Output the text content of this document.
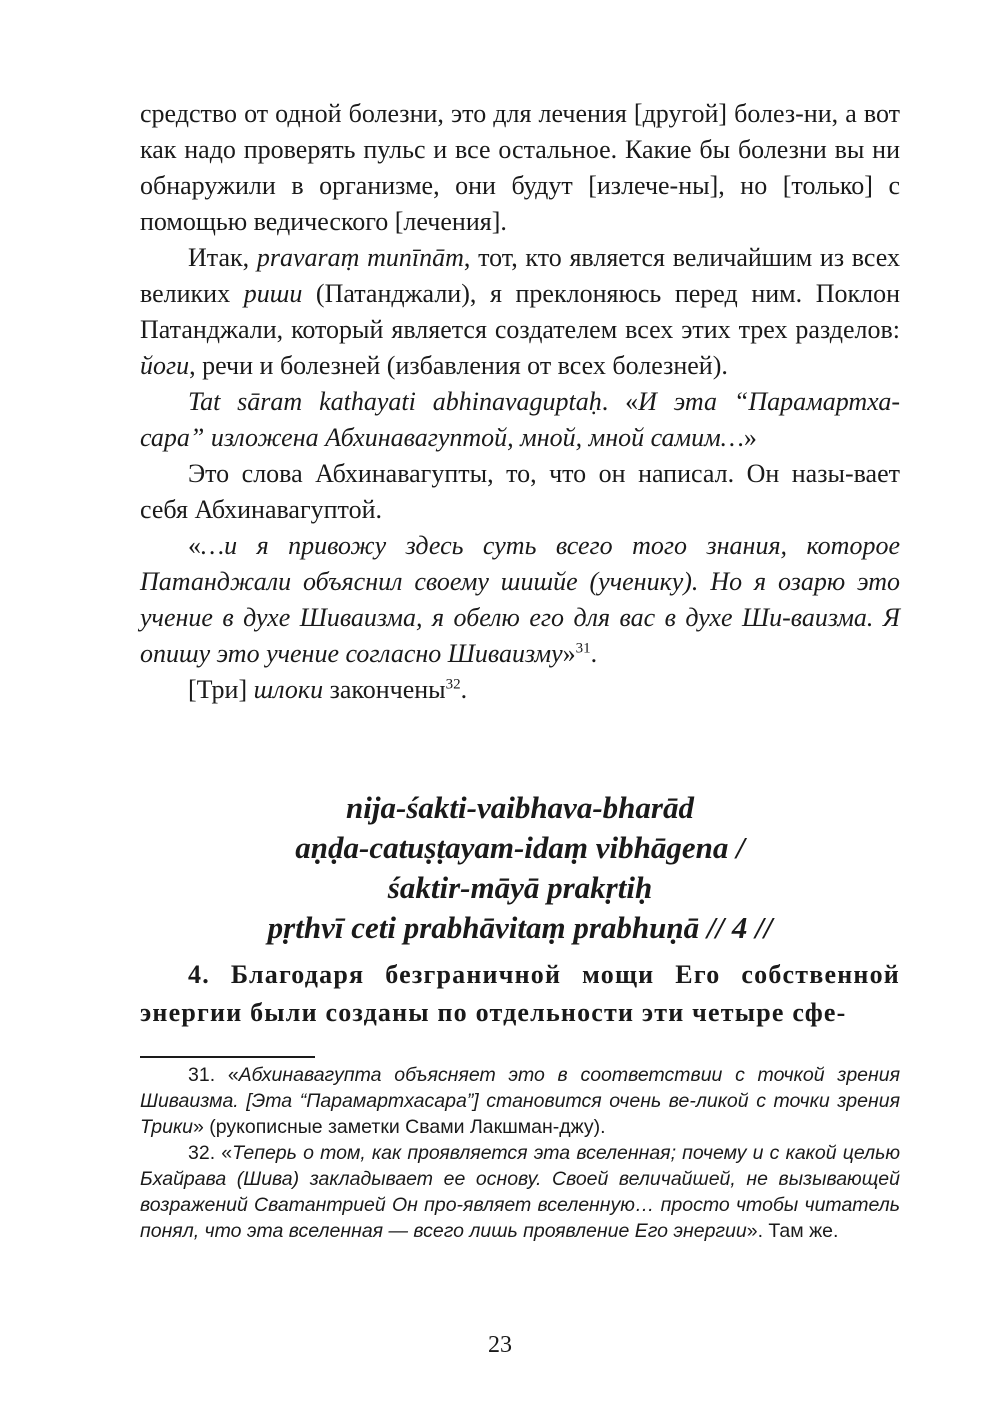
средство от одной болезни, это для лечения [другой] болез-ни, а вот как надо проверять пульс и все остальное. Какие бы болезни вы ни обнаружили в организме, они будут [излече-ны], но [только] с помощью ведического [лечения].

Итак, pravaraṃ munīnām, тот, кто является величайшим из всех великих риши (Патанджали), я преклоняюсь перед ним. Поклон Патанджали, который является создателем всех этих трех разделов: йоги, речи и болезней (избавления от всех болезней).

Tat sāram kathayati abhinavaguptaḥ. «И эта “Парамартха-сара” изложена Абхинавагуптой, мной, мной самим…»

Это слова Абхинавагупты, то, что он написал. Он назы-вает себя Абхинавагуптой.

«…и я привожу здесь суть всего того знания, которое Патанджали объяснил своему шишйе (ученику). Но я озарю это учение в духе Шиваизма, я обелю его для вас в духе Ши-ваизма. Я опишу это учение согласно Шиваизму»$^{31}$.

[Три] шлоки закончены$^{32}$.

nija-śakti-vaibhava-bharād
aṇḍa-catuṣṭayam-idaṃ vibhāgena /
śaktir-māyā prakṛtiḥ
pṛthvī ceti prabhāvitaṃ prabhuṇā // 4 //

4. Благодаря безграничной мощи Его собственной энергии были созданы по отдельности эти четыре сфе-

31. «Абхинавагупта объясняет это в соответствии с точкой зрения Шиваизма. [Эта “Парамартхасара”] становится очень ве-ликой с точки зрения Трики» (рукописные заметки Свами Лакшман-джу).

32. «Теперь о том, как проявляется эта вселенная; почему и с какой целью Бхайрава (Шива) закладывает ее основу. Своей величайшей, не вызывающей возражений Сватантрией Он про-являет вселенную… просто чтобы читатель понял, что эта вселенная — всего лишь проявление Его энергии». Там же.

23
